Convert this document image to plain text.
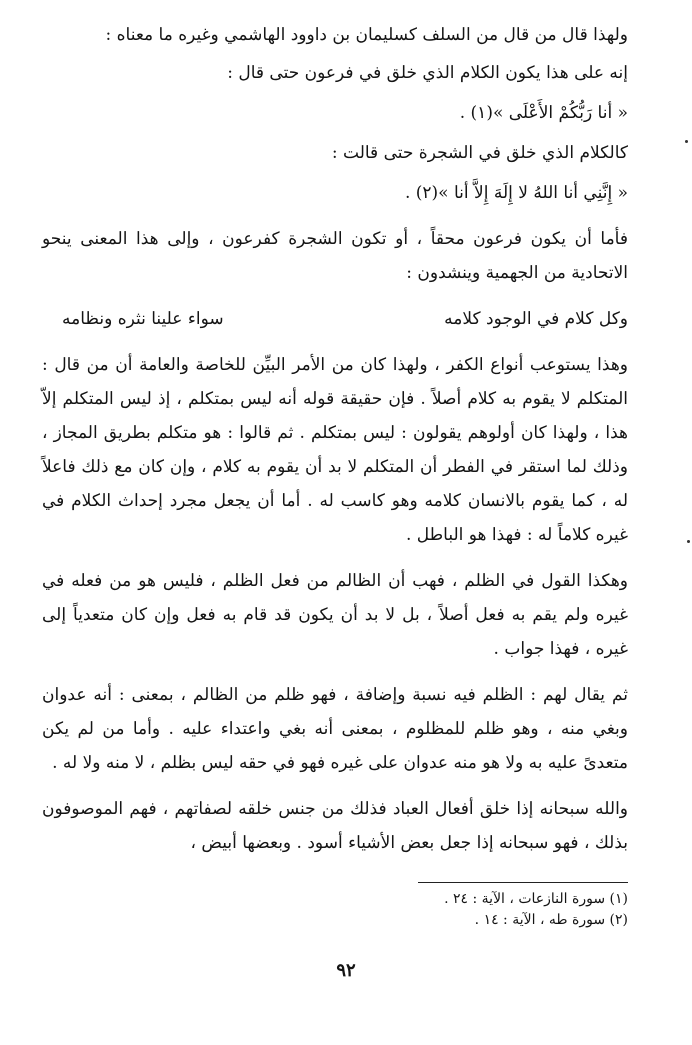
ولهذا قال من قال من السلف كسليمان بن داوود الهاشمي وغيره ما معناه :

إنه على هذا يكون الكلام الذي خلق في فرعون حتى قال :

« أنا رَبُّكُمْ الأَعْلَى »(١) .

كالكلام الذي خلق في الشجرة حتى قالت :

« إِنَّنِي أنا اللهُ لا إِلَهَ إِلاَّ أنا »(٢) .

فأما أن يكون فرعون محقاً ، أو تكون الشجرة كفرعون ، وإلى هذا المعنى ينحو الاتحادية من الجهمية وينشدون :

وكل كلام في الوجود كلامه
سواء علينا نثره ونظامه

وهذا يستوعب أنواع الكفر ، ولهذا كان من الأمر البيِّن للخاصة والعامة أن من قال : المتكلم لا يقوم به كلام أصلاً . فإن حقيقة قوله أنه ليس بمتكلم ، إذ ليس المتكلم إلاّ هذا ، ولهذا كان أولوهم يقولون : ليس بمتكلم . ثم قالوا : هو متكلم بطريق المجاز ، وذلك لما استقر في الفطر أن المتكلم لا بد أن يقوم به كلام ، وإن كان مع ذلك فاعلاً له ، كما يقوم بالانسان كلامه وهو كاسب له . أما أن يجعل مجرد إحداث الكلام في غيره كلاماً له : فهذا هو الباطل .

وهكذا القول في الظلم ، فهب أن الظالم من فعل الظلم ، فليس هو من فعله في غيره ولم يقم به فعل أصلاً ، بل لا بد أن يكون قد قام به فعل وإن كان متعدياً إلى غيره ، فهذا جواب .

ثم يقال لهم : الظلم فيه نسبة وإضافة ، فهو ظلم من الظالم ، بمعنى : أنه عدوان وبغي منه ، وهو ظلم للمظلوم ، بمعنى أنه بغي واعتداء عليه . وأما من لم يكن متعدىً عليه به ولا هو منه عدوان على غيره فهو في حقه ليس بظلم ، لا منه ولا له .

والله سبحانه إذا خلق أفعال العباد فذلك من جنس خلقه لصفاتهم ، فهم الموصوفون بذلك ، فهو سبحانه إذا جعل بعض الأشياء أسود . وبعضها أبيض ،

(١) سورة النازعات ، الآية : ٢٤ .
(٢) سورة طه ، الآية : ١٤ .
٩٢
